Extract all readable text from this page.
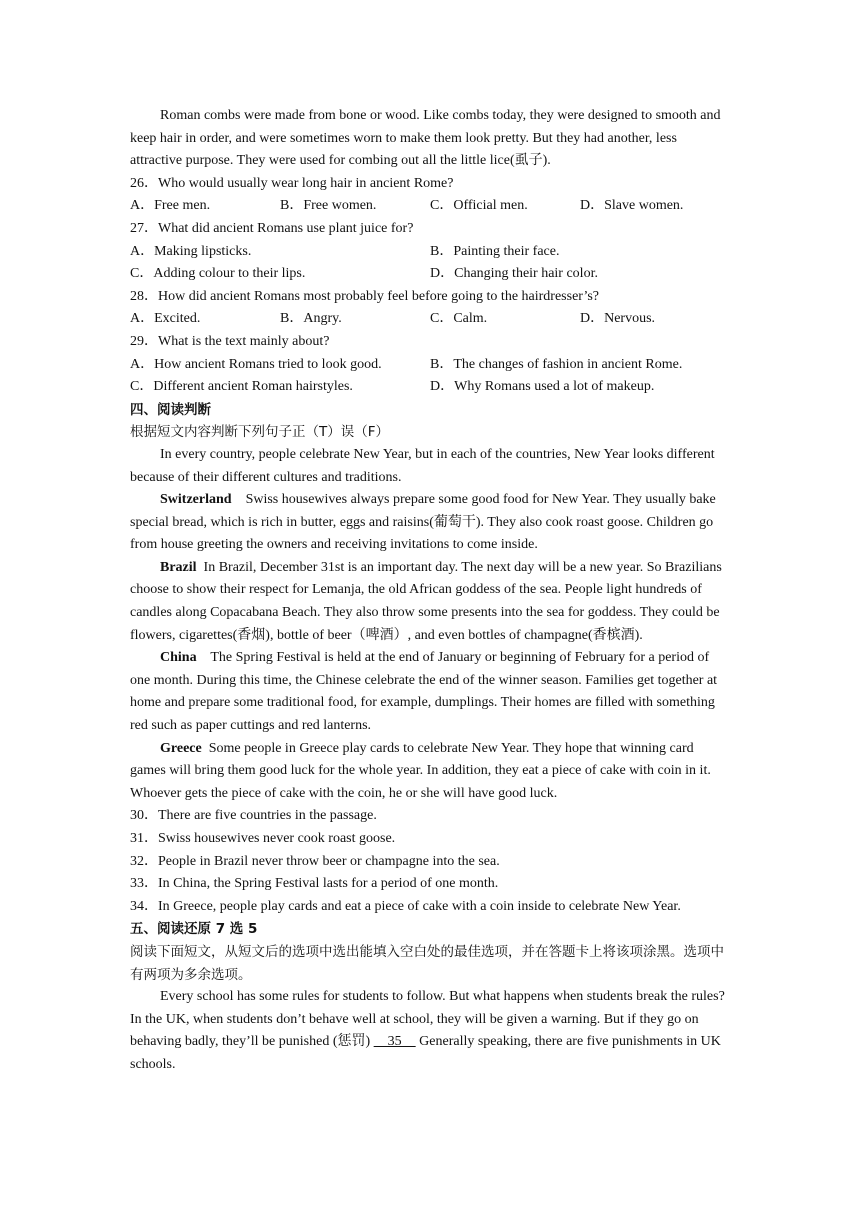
Roman combs were made from bone or wood. Like combs today, they were designed to smooth and keep hair in order, and were sometimes worn to make them look pretty. But they had another, less attractive purpose. They were used for combing out all the little lice(虱子).

26．Who would usually wear long hair in ancient Rome?

A．Free men.	B．Free women.	C．Official men.	D．Slave women.

27．What did ancient Romans use plant juice for?

A．Making lipsticks.	B．Painting their face.
C．Adding colour to their lips.	D．Changing their hair color.

28．How did ancient Romans most probably feel before going to the hairdresser’s?

A．Excited.	B．Angry.	C．Calm.	D．Nervous.

29．What is the text mainly about?

A．How ancient Romans tried to look good.	B．The changes of fashion in ancient Rome.
C．Different ancient Roman hairstyles.	D．Why Romans used a lot of makeup.

四、阅读判断

根据短文内容判断下列句子正（T）误（F）

In every country, people celebrate New Year, but in each of the countries, New Year looks different because of their different cultures and traditions.

Switzerland    Swiss housewives always prepare some good food for New Year. They usually bake special bread, which is rich in butter, eggs and raisins(葡萄干). They also cook roast goose. Children go from house greeting the owners and receiving invitations to come inside.

Brazil  In Brazil, December 31st is an important day. The next day will be a new year. So Brazilians choose to show their respect for Lemanja, the old African goddess of the sea. People light hundreds of candles along Copacabana Beach. They also throw some presents into the sea for goddess. They could be flowers, cigarettes(香烟), bottle of beer（啤酒）, and even bottles of champagne(香槟酒).

China    The Spring Festival is held at the end of January or beginning of February for a period of one month. During this time, the Chinese celebrate the end of the winner season. Families get together at home and prepare some traditional food, for example, dumplings. Their homes are filled with something red such as paper cuttings and red lanterns.

Greece  Some people in Greece play cards to celebrate New Year. They hope that winning card games will bring them good luck for the whole year. In addition, they eat a piece of cake with coin in it. Whoever gets the piece of cake with the coin, he or she will have good luck.

30．There are five countries in the passage.

31．Swiss housewives never cook roast goose.

32．People in Brazil never throw beer or champagne into the sea.

33．In China, the Spring Festival lasts for a period of one month.

34．In Greece, people play cards and eat a piece of cake with a coin inside to celebrate New Year.

五、阅读还原 7 选 5

阅读下面短文，从短文后的选项中选出能填入空白处的最佳选项，并在答题卡上将该项涂黑。选项中有两项为多余选项。

Every school has some rules for students to follow. But what happens when students break the rules? In the UK, when students don’t behave well at school, they will be given a warning. But if they go on behaving badly, they’ll be punished (惩罚)     35     Generally speaking, there are five punishments in UK schools.
